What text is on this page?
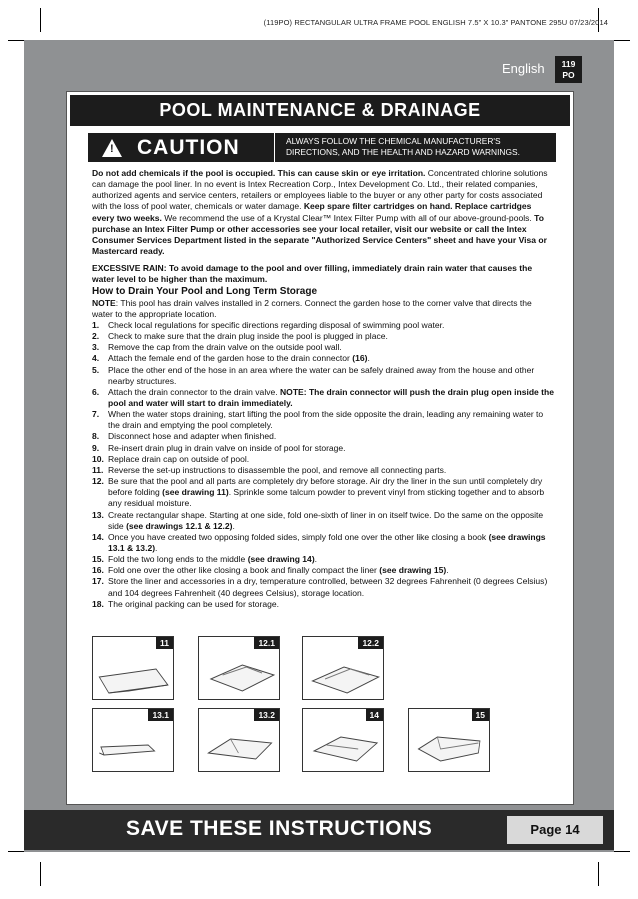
(119PO) RECTANGULAR ULTRA FRAME POOL ENGLISH 7.5” X 10.3” PANTONE 295U 07/23/2014
English	119
PO
POOL MAINTENANCE & DRAINAGE
! CAUTION	ALWAYS FOLLOW THE CHEMICAL MANUFACTURER'S DIRECTIONS, AND THE HEALTH AND HAZARD WARNINGS.

Do not add chemicals if the pool is occupied. This can cause skin or eye irritation. Concentrated chlorine solutions can damage the pool liner. In no event is Intex Recreation Corp., Intex Development Co. Ltd., their related companies, authorized agents and service centers, retailers or employees liable to the buyer or any other party for costs associated with the loss of pool water, chemicals or water damage. Keep spare filter cartridges on hand. Replace cartridges every two weeks. We recommend the use of a Krystal Clear™ Intex Filter Pump with all of our above-ground-pools. To purchase an Intex Filter Pump or other accessories see your local retailer, visit our website or call the Intex Consumer Services Department listed in the separate "Authorized Service Centers" sheet and have your Visa or Mastercard ready.

EXCESSIVE RAIN: To avoid damage to the pool and over filling, immediately drain rain water that causes the water level to be higher than the maximum.

How to Drain Your Pool and Long Term Storage

NOTE: This pool has drain valves installed in 2 corners. Connect the garden hose to the corner valve that directs the water to the appropriate location.

1.	Check local regulations for specific directions regarding disposal of swimming pool water.
2.	Check to make sure that the drain plug inside the pool is plugged in place.
3.	Remove the cap from the drain valve on the outside pool wall.
4.	Attach the female end of the garden hose to the drain connector (16).
5.	Place the other end of the hose in an area where the water can be safely drained away from the house and other nearby structures.
6.	Attach the drain connector to the drain valve. NOTE: The drain connector will push the drain plug open inside the pool and water will start to drain immediately.
7.	When the water stops draining, start lifting the pool from the side opposite the drain, leading any remaining water to the drain and emptying the pool completely.
8.	Disconnect hose and adapter when finished.
9.	Re-insert drain plug in drain valve on inside of pool for storage.
10. Replace drain cap on outside of pool.
11. Reverse the set-up instructions to disassemble the pool, and remove all connecting parts.
12. Be sure that the pool and all parts are completely dry before storage. Air dry the liner in the sun until completely dry before folding (see drawing 11). Sprinkle some talcum powder to prevent vinyl from sticking together and to absorb any residual moisture.
13. Create rectangular shape. Starting at one side, fold one-sixth of liner in on itself twice. Do the same on the opposite side (see drawings 12.1 & 12.2).
14. Once you have created two opposing folded sides, simply fold one over the other like closing a book (see drawings 13.1 & 13.2).
15. Fold the two long ends to the middle (see drawing 14).
16. Fold one over the other like closing a book and finally compact the liner (see drawing 15).
17. Store the liner and accessories in a dry, temperature controlled, between 32 degrees Fahrenheit (0 degrees Celsius) and 104 degrees Fahrenheit (40 degrees Celsius), storage location.
18. The original packing can be used for storage.
11	12.1	12.2
13.1	13.2	14	15
SAVE THESE INSTRUCTIONS	Page 14
